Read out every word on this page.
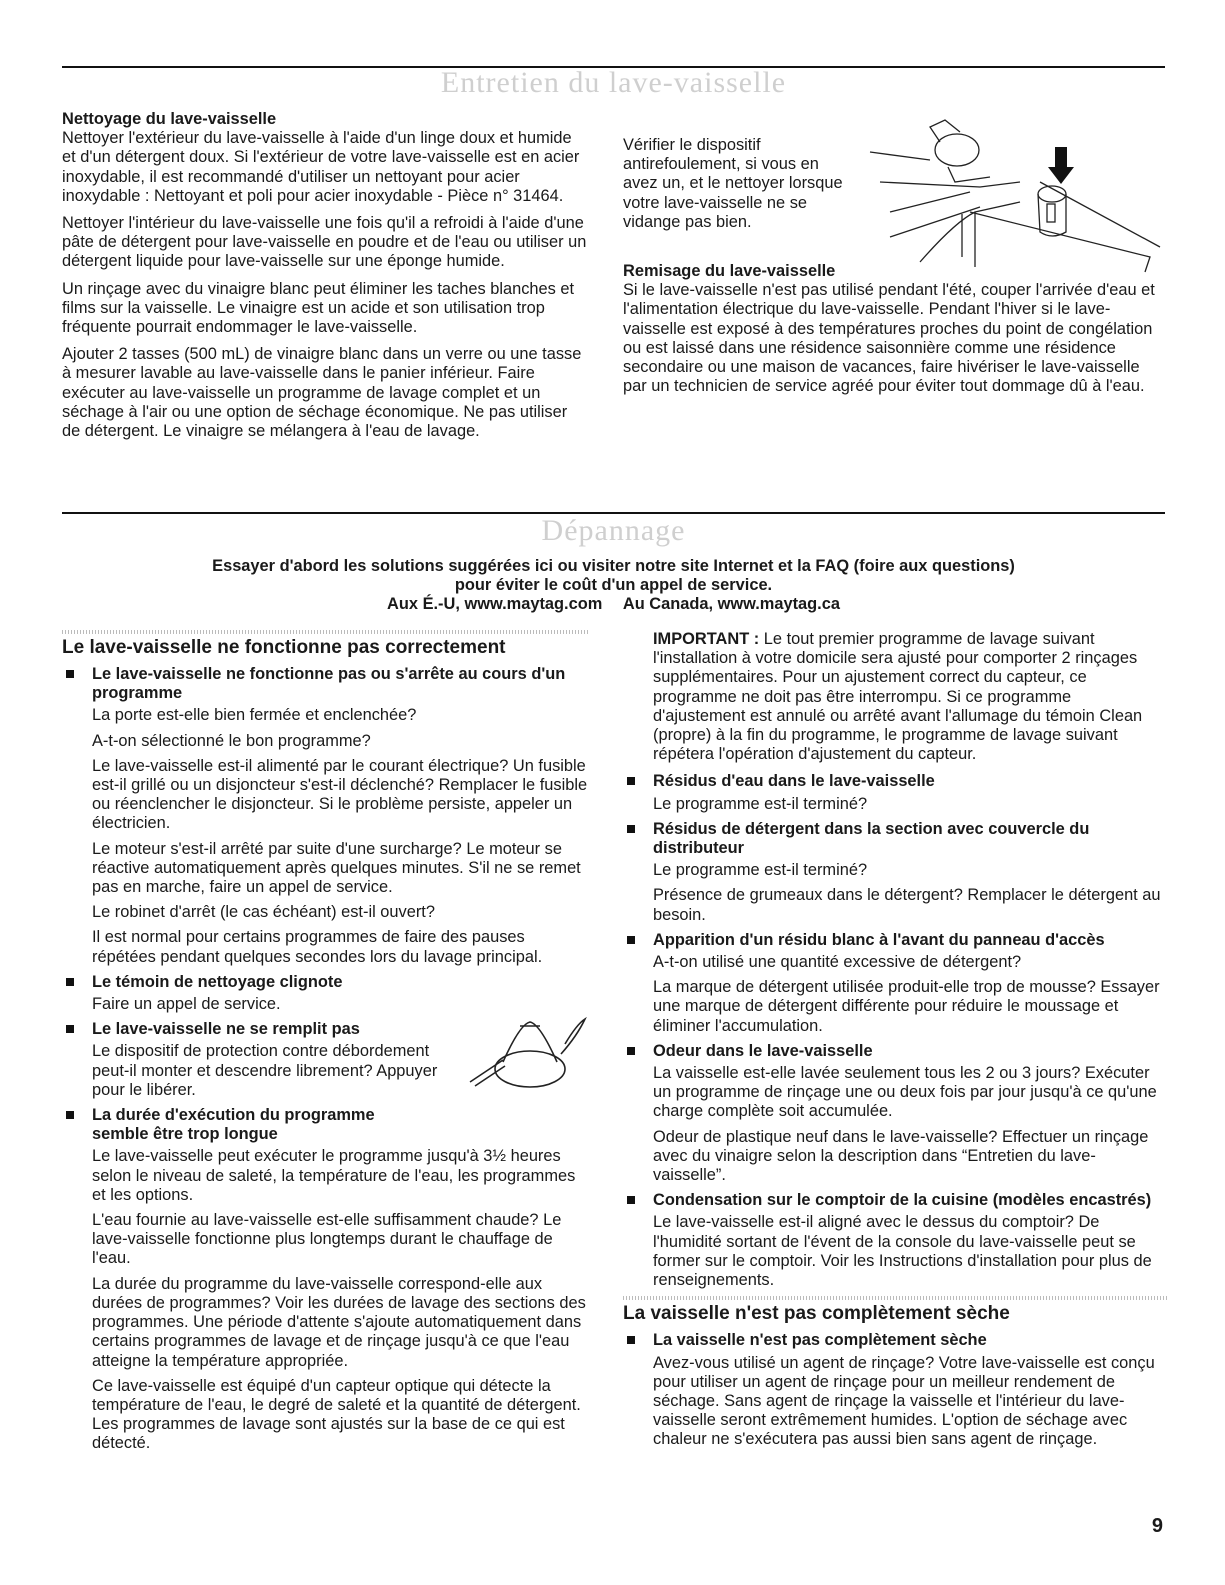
Entretien du lave-vaisselle
Nettoyage du lave-vaisselle

Nettoyer l'extérieur du lave-vaisselle à l'aide d'un linge doux et humide et d'un détergent doux. Si l'extérieur de votre lave-vaisselle est en acier inoxydable, il est recommandé d'utiliser un nettoyant pour acier inoxydable : Nettoyant et poli pour acier inoxydable - Pièce n° 31464.

Nettoyer l'intérieur du lave-vaisselle une fois qu'il a refroidi à l'aide d'une pâte de détergent pour lave-vaisselle en poudre et de l'eau ou utiliser un détergent liquide pour lave-vaisselle sur une éponge humide.

Un rinçage avec du vinaigre blanc peut éliminer les taches blanches et films sur la vaisselle. Le vinaigre est un acide et son utilisation trop fréquente pourrait endommager le lave-vaisselle.

Ajouter 2 tasses (500 mL) de vinaigre blanc dans un verre ou une tasse à mesurer lavable au lave-vaisselle dans le panier inférieur. Faire exécuter au lave-vaisselle un programme de lavage complet et un séchage à l'air ou une option de séchage économique. Ne pas utiliser de détergent. Le vinaigre se mélangera à l'eau de lavage.

Vérifier le dispositif antirefoulement, si vous en avez un, et le nettoyer lorsque votre lave-vaisselle ne se vidange pas bien.
Remisage du lave-vaisselle

Si le lave-vaisselle n'est pas utilisé pendant l'été, couper l'arrivée d'eau et l'alimentation électrique du lave-vaisselle. Pendant l'hiver si le lave-vaisselle est exposé à des températures proches du point de congélation ou est laissé dans une résidence saisonnière comme une résidence secondaire ou une maison de vacances, faire hivériser le lave-vaisselle par un technicien de service agréé pour éviter tout dommage dû à l'eau.

Dépannage
Essayer d'abord les solutions suggérées ici ou visiter notre site Internet et la FAQ (foire aux questions)
pour éviter le coût d'un appel de service.
Aux É.-U, www.maytag.com Au Canada, www.maytag.ca
Le lave-vaisselle ne fonctionne pas correctement
Le lave-vaisselle ne fonctionne pas ou s'arrête au cours d'un programme

La porte est-elle bien fermée et enclenchée?

A-t-on sélectionné le bon programme?

Le lave-vaisselle est-il alimenté par le courant électrique? Un fusible est-il grillé ou un disjoncteur s'est-il déclenché? Remplacer le fusible ou réenclencher le disjoncteur. Si le problème persiste, appeler un électricien.

Le moteur s'est-il arrêté par suite d'une surcharge? Le moteur se réactive automatiquement après quelques minutes. S'il ne se remet pas en marche, faire un appel de service.

Le robinet d'arrêt (le cas échéant) est-il ouvert?

Il est normal pour certains programmes de faire des pauses répétées pendant quelques secondes lors du lavage principal.

Le témoin de nettoyage clignote

Faire un appel de service.

Le lave-vaisselle ne se remplit pas

Le dispositif de protection contre débordement peut-il monter et descendre librement? Appuyer pour le libérer.

La durée d'exécution du programme semble être trop longue

Le lave-vaisselle peut exécuter le programme jusqu'à 3½ heures selon le niveau de saleté, la température de l'eau, les programmes et les options.

L'eau fournie au lave-vaisselle est-elle suffisamment chaude? Le lave-vaisselle fonctionne plus longtemps durant le chauffage de l'eau.

La durée du programme du lave-vaisselle correspond-elle aux durées de programmes? Voir les durées de lavage des sections des programmes. Une période d'attente s'ajoute automatiquement dans certains programmes de lavage et de rinçage jusqu'à ce que l'eau atteigne la température appropriée.

Ce lave-vaisselle est équipé d'un capteur optique qui détecte la température de l'eau, le degré de saleté et la quantité de détergent. Les programmes de lavage sont ajustés sur la base de ce qui est détecté.

IMPORTANT : Le tout premier programme de lavage suivant l'installation à votre domicile sera ajusté pour comporter 2 rinçages supplémentaires. Pour un ajustement correct du capteur, ce programme ne doit pas être interrompu. Si ce programme d'ajustement est annulé ou arrêté avant l'allumage du témoin Clean (propre) à la fin du programme, le programme de lavage suivant répétera l'opération d'ajustement du capteur.

Résidus d'eau dans le lave-vaisselle

Le programme est-il terminé?

Résidus de détergent dans la section avec couvercle du distributeur

Le programme est-il terminé?

Présence de grumeaux dans le détergent? Remplacer le détergent au besoin.

Apparition d'un résidu blanc à l'avant du panneau d'accès

A-t-on utilisé une quantité excessive de détergent?

La marque de détergent utilisée produit-elle trop de mousse? Essayer une marque de détergent différente pour réduire le moussage et éliminer l'accumulation.

Odeur dans le lave-vaisselle

La vaisselle est-elle lavée seulement tous les 2 ou 3 jours? Exécuter un programme de rinçage une ou deux fois par jour jusqu'à ce qu'une charge complète soit accumulée.

Odeur de plastique neuf dans le lave-vaisselle? Effectuer un rinçage avec du vinaigre selon la description dans “Entretien du lave-vaisselle”.

Condensation sur le comptoir de la cuisine (modèles encastrés)

Le lave-vaisselle est-il aligné avec le dessus du comptoir? De l'humidité sortant de l'évent de la console du lave-vaisselle peut se former sur le comptoir. Voir les Instructions d'installation pour plus de renseignements.

La vaisselle n'est pas complètement sèche
La vaisselle n'est pas complètement sèche

Avez-vous utilisé un agent de rinçage? Votre lave-vaisselle est conçu pour utiliser un agent de rinçage pour un meilleur rendement de séchage. Sans agent de rinçage la vaisselle et l'intérieur du lave-vaisselle seront extrêmement humides. L'option de séchage avec chaleur ne s'exécutera pas aussi bien sans agent de rinçage.

9
